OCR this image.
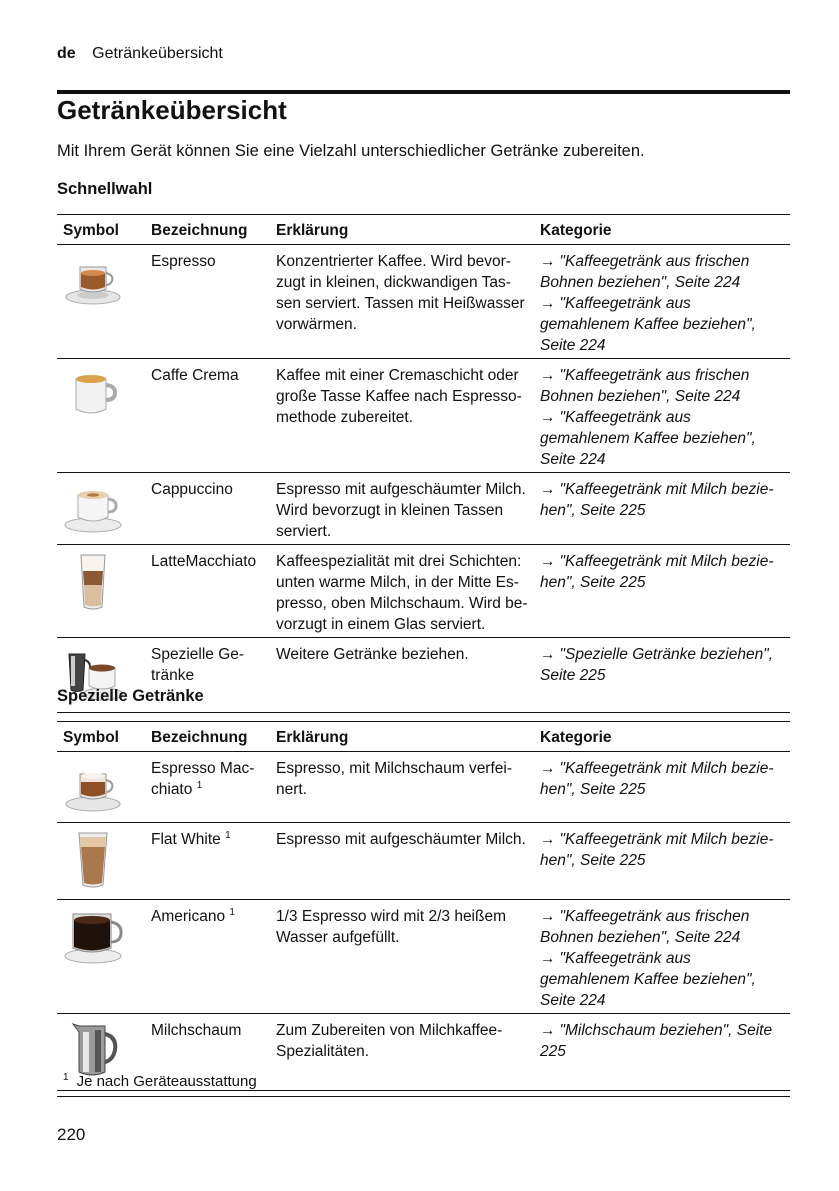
de Getränkeübersicht
Getränkeübersicht

Mit Ihrem Gerät können Sie eine Vielzahl unterschiedlicher Getränke zubereiten.

Schnellwahl
Symbol	Bezeichnung	Erklärung	Kategorie

	Espresso	Konzentrierter Kaffee. Wird bevor-zugt in kleinen, dickwandigen Tas-sen serviert. Tassen mit Heißwasser vorwärmen.	→ "Kaffeegetränk aus frischen Bohnen beziehen", Seite 224
→ "Kaffeegetränk aus gemahlenem Kaffee beziehen", Seite 224

	Caffe Crema	Kaffee mit einer Cremaschicht oder große Tasse Kaffee nach Espresso-methode zubereitet.	→ "Kaffeegetränk aus frischen Bohnen beziehen", Seite 224
→ "Kaffeegetränk aus gemahlenem Kaffee beziehen", Seite 224

	Cappuccino	Espresso mit aufgeschäumter Milch. Wird bevorzugt in kleinen Tassen serviert.	→ "Kaffeegetränk mit Milch bezie-hen", Seite 225

	LatteMacchiato	Kaffeespezialität mit drei Schichten: unten warme Milch, in der Mitte Es-presso, oben Milchschaum. Wird be-vorzugt in einem Glas serviert.	→ "Kaffeegetränk mit Milch bezie-hen", Seite 225

	Spezielle Ge-tränke	Weitere Getränke beziehen.	→ "Spezielle Getränke beziehen", Seite 225
Spezielle Getränke
Symbol	Bezeichnung	Erklärung	Kategorie

	Espresso Mac-chiato $^1$	Espresso, mit Milchschaum verfei-nert.	→ "Kaffeegetränk mit Milch bezie-hen", Seite 225

	Flat White $^1$	Espresso mit aufgeschäumter Milch.	→ "Kaffeegetränk mit Milch bezie-hen", Seite 225

	Americano $^1$	1/3 Espresso wird mit 2/3 heißem Wasser aufgefüllt.	→ "Kaffeegetränk aus frischen Bohnen beziehen", Seite 224
→ "Kaffeegetränk aus gemahlenem Kaffee beziehen", Seite 224

	Milchschaum	Zum Zubereiten von Milchkaffee-Spezialitäten.	→ "Milchschaum beziehen", Seite 225
$^1$ Je nach Geräteausstattung
220
